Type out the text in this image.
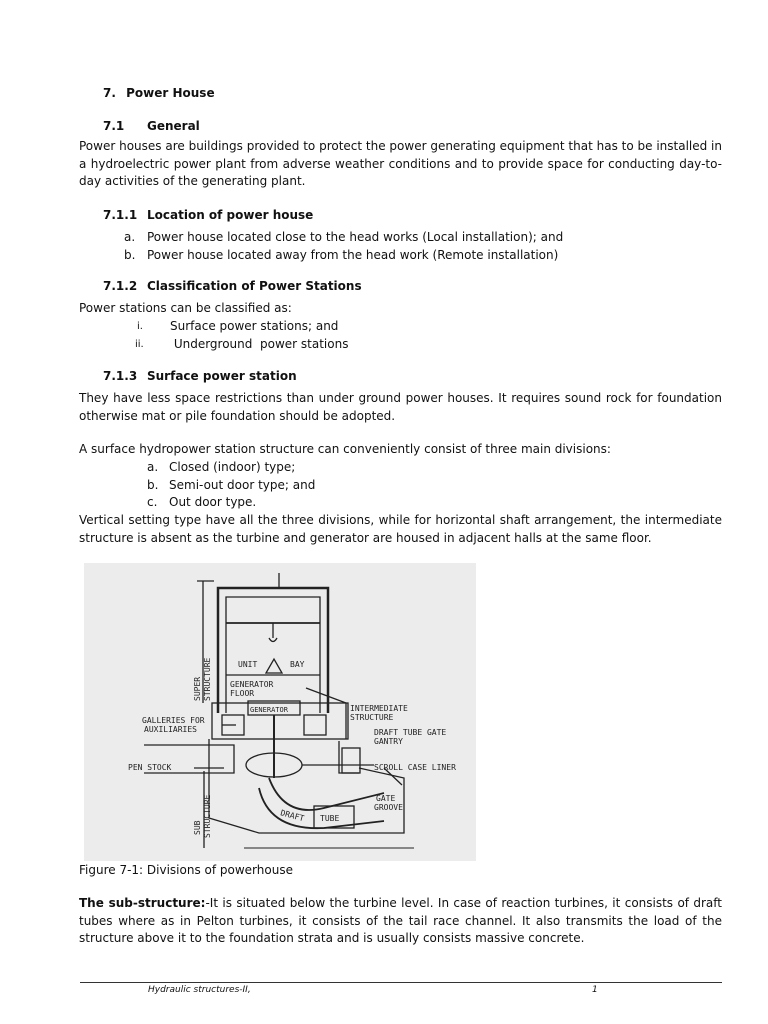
7. Power House
7.1 General

Power houses are buildings provided to protect the power generating equipment that has to be installed in a hydroelectric power plant from adverse weather conditions and to provide space for conducting day-to-day activities of the generating plant.

7.1.1 Location of power house
a. Power house located close to the head works (Local installation); and
b. Power house located away from the head work (Remote installation)
7.1.2 Classification of Power Stations
Power stations can be classified as:
i. Surface power stations; and
ii. Underground  power stations
7.1.3 Surface power station

They have less space restrictions than under ground power houses. It requires sound rock for foundation otherwise mat or pile foundation should be adopted.

A surface hydropower station structure can conveniently consist of three main divisions:
a. Closed (indoor) type;
b. Semi-out door type; and
c. Out door type.

Vertical setting type have all the three divisions, while for horizontal shaft arrangement, the intermediate structure is absent as the turbine and generator are housed in adjacent halls at the same floor.

SUPER STRUCTURE	UNIT	BAY
GENERATOR
FLOOR
GALLERIES FOR
AUXILIARIES
GENERATOR	INTERMEDIATE
STRUCTURE
DRAFT TUBE GATE
GANTRY
PEN STOCK	SCROLL CASE LINER
GATE
GROOVE
SUB STRUCTURE	DRAFT TUBE
Figure 7-1: Divisions of powerhouse

The sub-structure:-It is situated below the turbine level. In case of reaction turbines, it consists of draft tubes where as in Pelton turbines, it consists of the tail race channel. It also transmits the load of the structure above it to the foundation strata and is usually consists massive concrete.

Hydraulic structures-II,	1
